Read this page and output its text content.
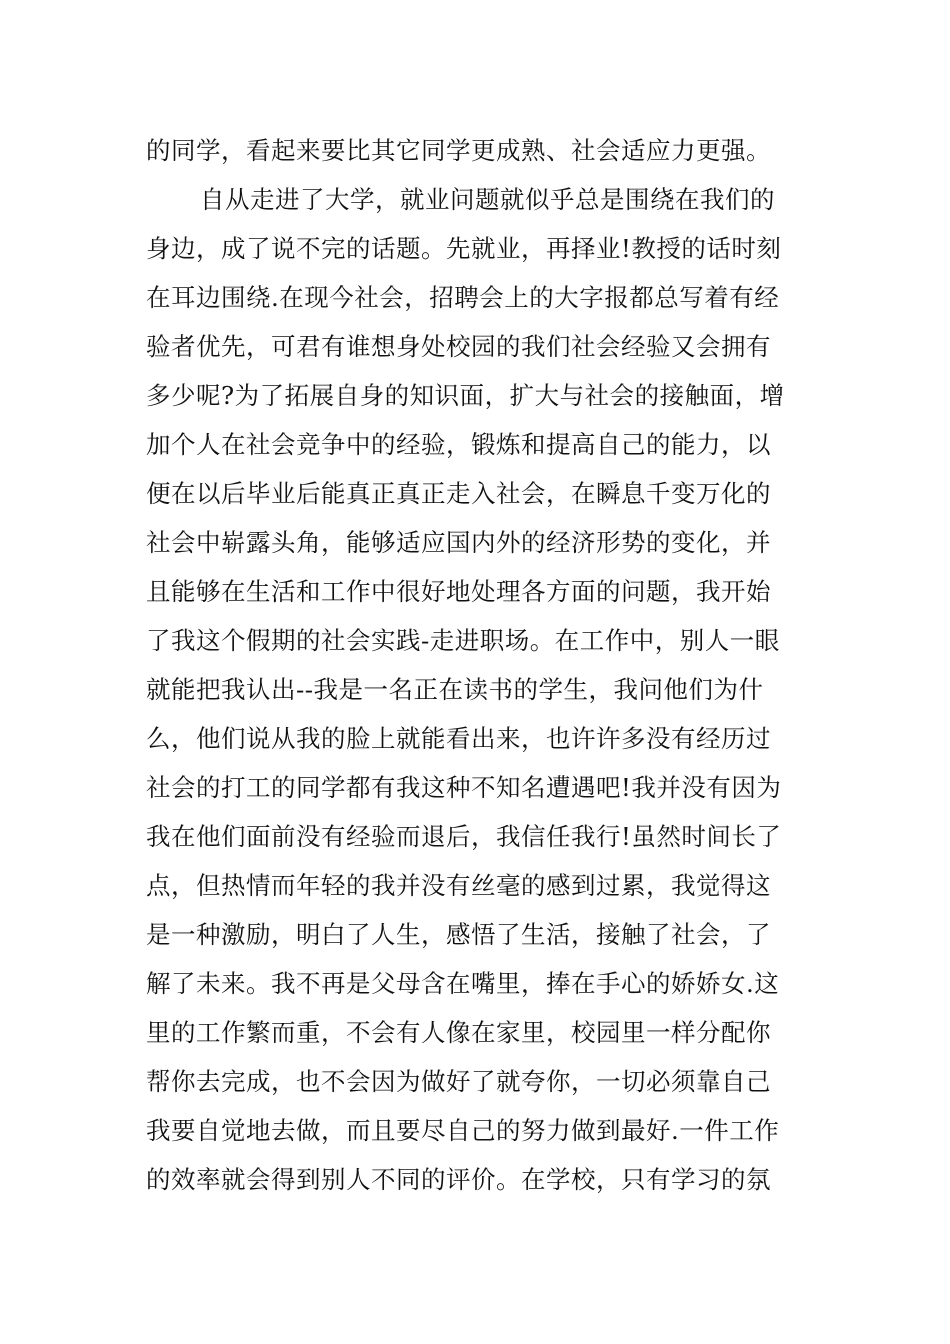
的同学，看起来要比其它同学更成熟、社会适应力更强。
自从走进了大学，就业问题就似乎总是围绕在我们的
身边，成了说不完的话题。先就业，再择业!教授的话时刻
在耳边围绕.在现今社会，招聘会上的大字报都总写着有经
验者优先，可君有谁想身处校园的我们社会经验又会拥有
多少呢?为了拓展自身的知识面，扩大与社会的接触面，增
加个人在社会竞争中的经验，锻炼和提高自己的能力，以
便在以后毕业后能真正真正走入社会，在瞬息千变万化的
社会中崭露头角，能够适应国内外的经济形势的变化，并
且能够在生活和工作中很好地处理各方面的问题，我开始
了我这个假期的社会实践-走进职场。在工作中，别人一眼
就能把我认出--我是一名正在读书的学生，我问他们为什
么，他们说从我的脸上就能看出来，也许许多没有经历过
社会的打工的同学都有我这种不知名遭遇吧!我并没有因为
我在他们面前没有经验而退后，我信任我行!虽然时间长了
点，但热情而年轻的我并没有丝毫的感到过累，我觉得这
是一种激励，明白了人生，感悟了生活，接触了社会，了
解了未来。我不再是父母含在嘴里，捧在手心的娇娇女.这
里的工作繁而重，不会有人像在家里，校园里一样分配你
帮你去完成，也不会因为做好了就夸你，一切必须靠自己
我要自觉地去做，而且要尽自己的努力做到最好.一件工作
的效率就会得到别人不同的评价。在学校，只有学习的氛
